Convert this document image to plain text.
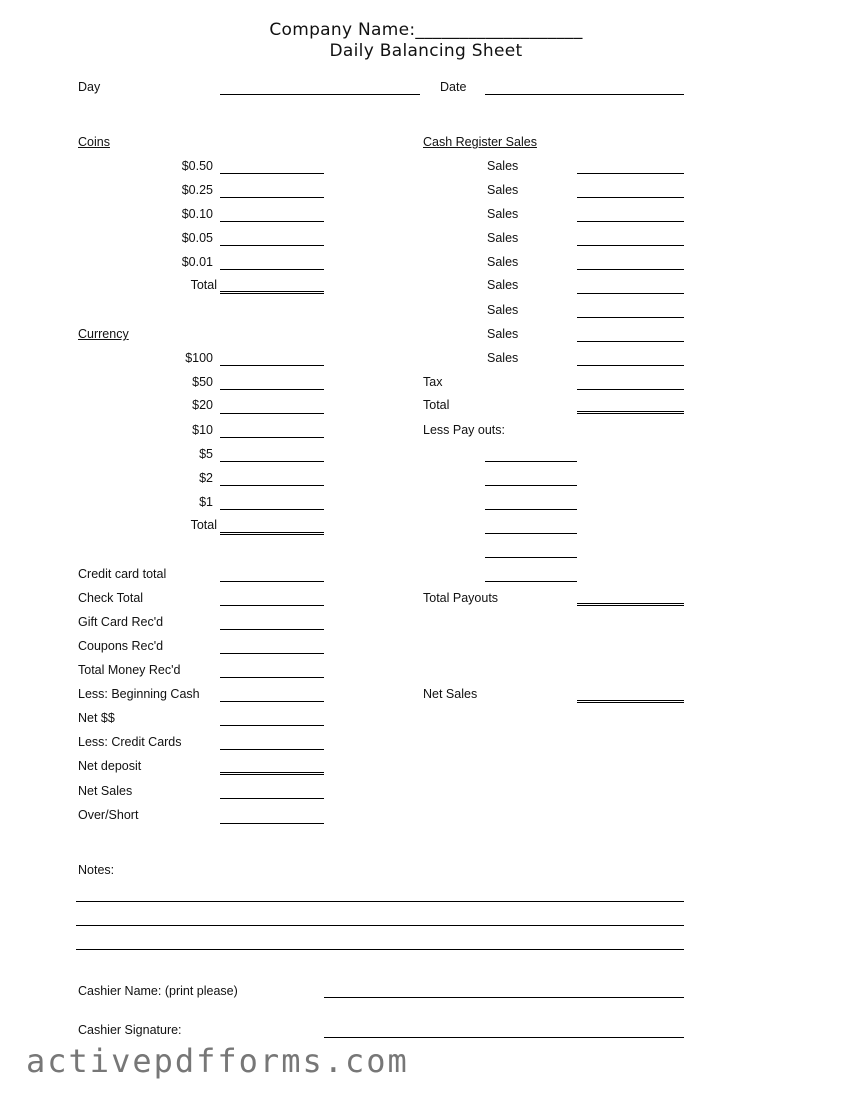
Company Name:___________________
Daily Balancing Sheet
Day	Date
Coins
$0.50
$0.25
$0.10
$0.05
$0.01
Total
Currency
$100
$50
$20
$10
$5
$2
$1
Total
Cash Register Sales
Sales
Sales
Sales
Sales
Sales
Sales
Sales
Sales
Sales
Tax
Total
Less Pay outs:
Total Payouts
Net Sales
Credit card total
Check Total
Gift Card Rec'd
Coupons Rec'd
Total Money Rec'd
Less: Beginning Cash
Net $$
Less: Credit Cards
Net deposit
Net Sales
Over/Short
Notes:
Cashier Name: (print please)
Cashier Signature:
activepdfforms.com
